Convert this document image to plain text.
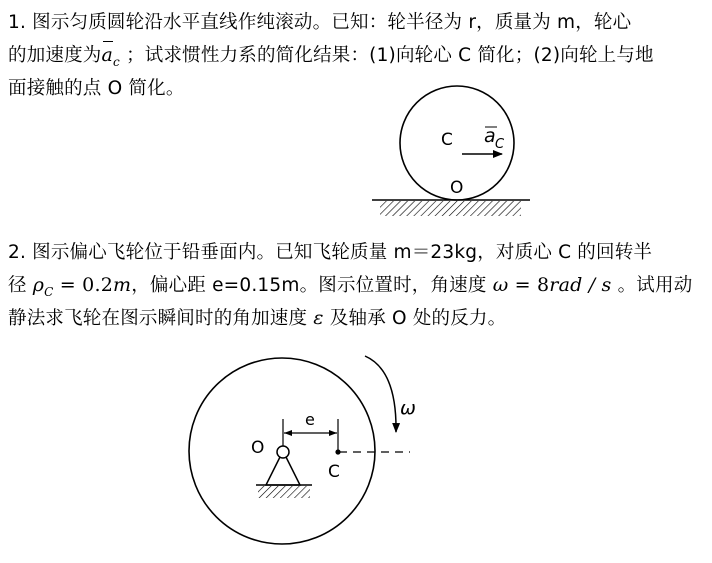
1. 图示匀质圆轮沿水平直线作纯滚动。已知：轮半径为 r，质量为 m，轮心
的加速度为
$a_c$ ；试求惯性力系的简化结果：(1)向轮心 C 简化；(2)向轮上与地
面接触的点 O 简化。
2. 图示偏心飞轮位于铅垂面内。已知飞轮质量 m＝23kg，对质心 C 的回转半
径 $\rho_C = 0.2m$，偏心距 e=0.15m。图示位置时，角速度 ω = 8rad / s 。试用动
静法求飞轮在图示瞬间时的角加速度 ε 及轴承 O 处的反力。
C a C
O
ω
e
O
C
